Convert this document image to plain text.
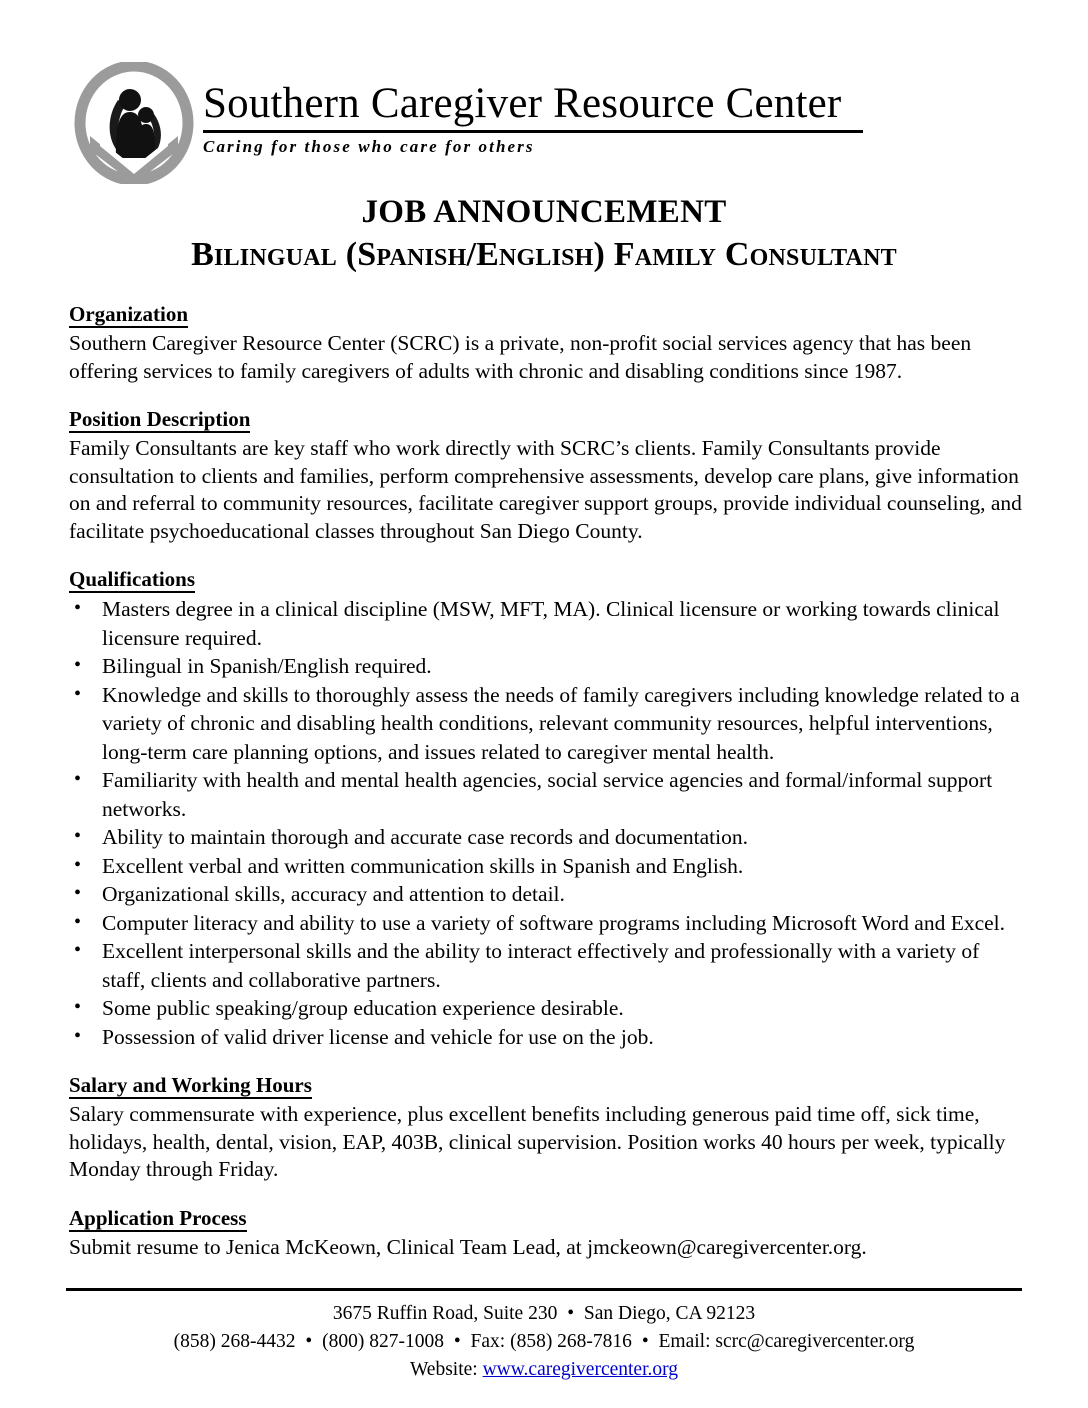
Southern Caregiver Resource Center
Caring for those who care for others
JOB ANNOUNCEMENT
Bilingual (Spanish/English) Family Consultant
Organization

Southern Caregiver Resource Center (SCRC) is a private, non-profit social services agency that has been offering services to family caregivers of adults with chronic and disabling conditions since 1987.

Position Description

Family Consultants are key staff who work directly with SCRC’s clients. Family Consultants provide consultation to clients and families, perform comprehensive assessments, develop care plans, give information on and referral to community resources, facilitate caregiver support groups, provide individual counseling, and facilitate psychoeducational classes throughout San Diego County.

Qualifications
• Masters degree in a clinical discipline (MSW, MFT, MA). Clinical licensure or working towards clinical licensure required.
• Bilingual in Spanish/English required.
• Knowledge and skills to thoroughly assess the needs of family caregivers including knowledge related to a variety of chronic and disabling health conditions, relevant community resources, helpful interventions, long-term care planning options, and issues related to caregiver mental health.
• Familiarity with health and mental health agencies, social service agencies and formal/informal support networks.
• Ability to maintain thorough and accurate case records and documentation.
• Excellent verbal and written communication skills in Spanish and English.
• Organizational skills, accuracy and attention to detail.
• Computer literacy and ability to use a variety of software programs including Microsoft Word and Excel.
• Excellent interpersonal skills and the ability to interact effectively and professionally with a variety of staff, clients and collaborative partners.
• Some public speaking/group education experience desirable.
• Possession of valid driver license and vehicle for use on the job.
Salary and Working Hours

Salary commensurate with experience, plus excellent benefits including generous paid time off, sick time, holidays, health, dental, vision, EAP, 403B, clinical supervision. Position works 40 hours per week, typically Monday through Friday.

Application Process

Submit resume to Jenica McKeown, Clinical Team Lead, at jmckeown@caregivercenter.org.

3675 Ruffin Road, Suite 230 • San Diego, CA 92123
(858) 268-4432 • (800) 827-1008 • Fax: (858) 268-7816 • Email: scrc@caregivercenter.org
Website: www.caregivercenter.org
